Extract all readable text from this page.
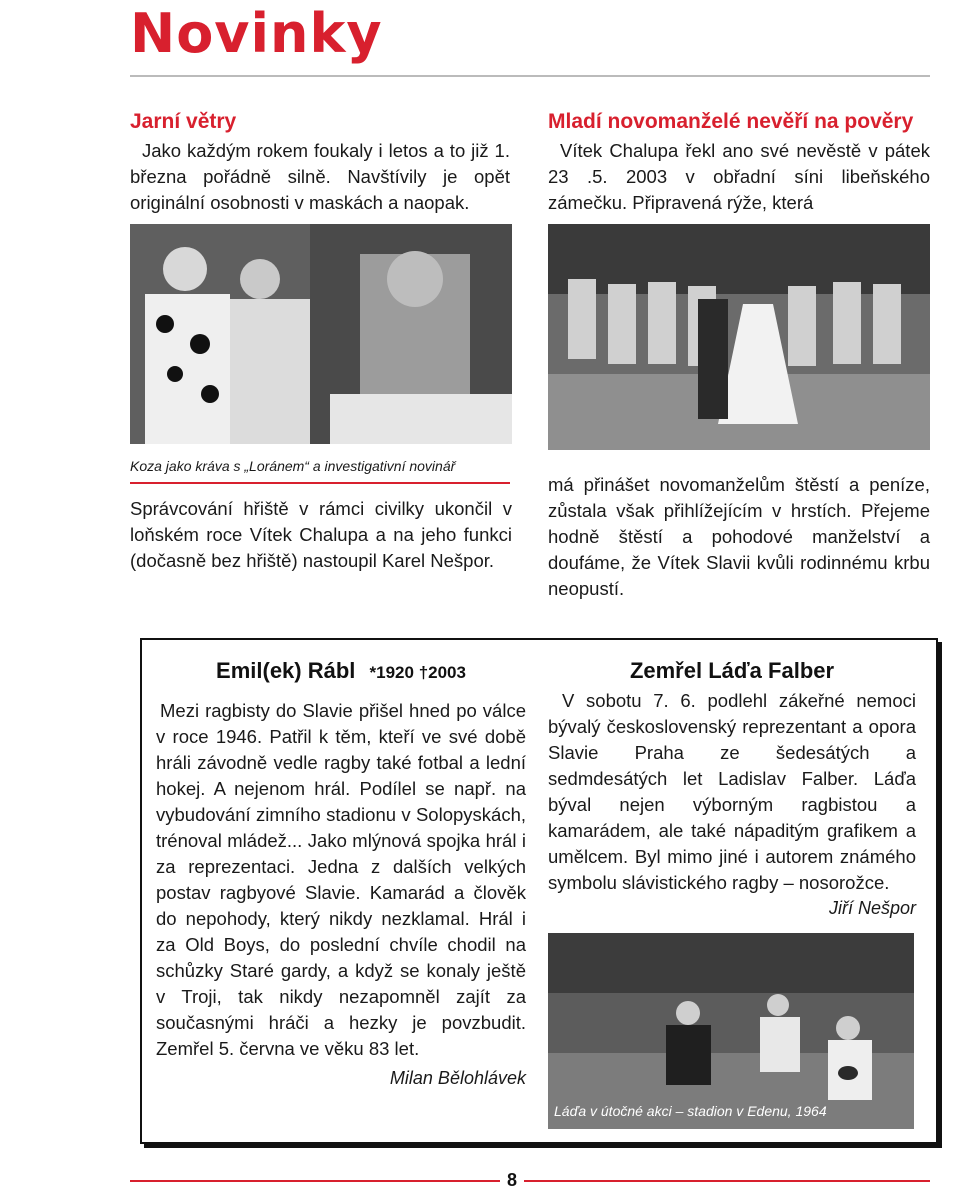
Novinky
Jarní větry
Jako každým rokem foukaly i letos a to již 1. března pořádně silně. Navštívily je opět originální osobnosti v maskách a naopak.
Koza jako kráva s „Loránem“ a investigativní novinář
Správcování hřiště v rámci civilky ukončil v loňském roce Vítek Chalupa a na jeho funkci (dočasně bez hřiště) nastoupil Karel Nešpor.
Mladí novomanželé nevěří na pověry
Vítek Chalupa řekl ano své nevěstě v pátek 23 .5. 2003 v obřadní síni libeňského zámečku. Připravená rýže, která
má přinášet novomanželům štěstí a peníze, zůstala však přihlížejícím v hrstích. Přejeme hodně štěstí a pohodové manželství a doufáme, že Vítek Slavii kvůli rodinnému krbu neopustí.
Emil(ek) Rábl *1920 †2003
Mezi ragbisty do Slavie přišel hned po válce v roce 1946. Patřil k těm, kteří ve své době hráli závodně vedle ragby také fotbal a lední hokej. A nejenom hrál. Podílel se např. na vybudování zimního stadionu v Solopyskách, trénoval mládež... Jako mlýnová spojka hrál i za reprezentaci. Jedna z dalších velkých postav ragbyové Slavie. Kamarád a člověk do nepohody, který nikdy nezklamal. Hrál i za Old Boys, do poslední chvíle chodil na schůzky Staré gardy, a když se konaly ještě v Troji, tak nikdy nezapomněl zajít za současnými hráči a hezky je povzbudit. Zemřel 5. června ve věku 83 let.
Milan Bělohlávek
Zemřel Láďa Falber
V sobotu 7. 6. podlehl zákeřné nemoci bývalý československý reprezentant a opora Slavie Praha ze šedesátých a sedmdesátých let Ladislav Falber. Láďa býval nejen výborným ragbistou a kamarádem, ale také nápaditým grafikem a umělcem. Byl mimo jiné i autorem známého symbolu slávistického ragby – nosorožce.
Jiří Nešpor
Láďa v útočné akci – stadion v Edenu, 1964
8
